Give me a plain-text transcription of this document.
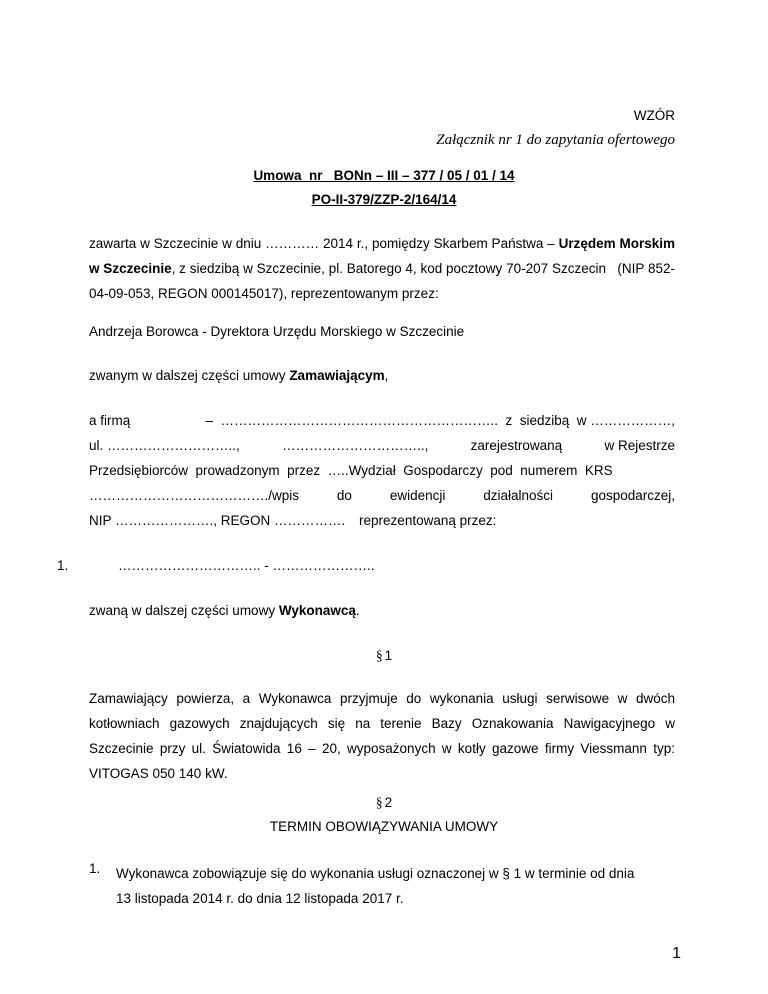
WZÓR
Załącznik nr 1 do zapytania ofertowego
Umowa  nr   BONn – III – 377 / 05 / 01 / 14
PO-II-379/ZZP-2/164/14
zawarta w Szczecinie w dniu ………… 2014 r., pomiędzy Skarbem Państwa – Urzędem Morskim w Szczecinie, z siedzibą w Szczecinie, pl. Batorego 4, kod pocztowy 70-207 Szczecin   (NIP 852-04-09-053, REGON 000145017), reprezentowanym przez:
Andrzeja Borowca - Dyrektora Urzędu Morskiego w Szczecinie
zwanym w dalszej części umowy Zamawiającym,
a firmą	–  ……………………………………………………..  z  siedzibą  w ………………,
ul. ………………………..,	…………………………..,	zarejestrowaną	w Rejestrze
Przedsiębiorców  prowadzonym  przez  …..Wydział  Gospodarczy  pod  numerem  KRS
…………………………………./wpis	do	ewidencji	działalności	gospodarczej,
NIP …………………., REGON ……………. reprezentowaną przez:
1.	………………………….. - …………………..
zwaną w dalszej części umowy Wykonawcą.
§ 1
Zamawiający powierza, a Wykonawca przyjmuje do wykonania usługi serwisowe w dwóch kotłowniach gazowych znajdujących się na terenie Bazy Oznakowania Nawigacyjnego w Szczecinie przy ul. Światowida 16 – 20, wyposażonych w kotły gazowe firmy Viessmann typ: VITOGAS 050 140 kW.
§ 2
TERMIN OBOWIĄZYWANIA UMOWY
1. Wykonawca zobowiązuje się do wykonania usługi oznaczonej w § 1 w terminie od dnia
13 listopada 2014 r. do dnia 12 listopada 2017 r.
1
